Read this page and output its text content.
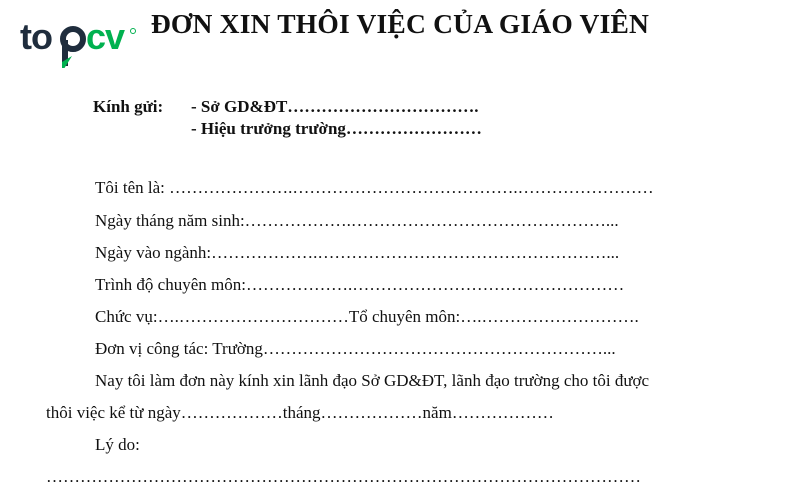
to cv ĐƠN XIN THÔI VIỆC CỦA GIÁO VIÊN
Kính gửi:	- Sở GD&ĐT…………………………….
- Hiệu trưởng trường……………………
Tôi tên là: ………………….………………………………….……………………
Ngày tháng năm sinh:……………….………………………………………...
Ngày vào ngành:……………….……………………………………………...
Trình độ chuyên môn:……………….…………………………………………
Chức vụ:….…………………………Tổ chuyên môn:….……………………….
Đơn vị công tác: Trường……………………………………………………...
Nay tôi làm đơn này kính xin lãnh đạo Sở GD&ĐT, lãnh đạo trường cho tôi được
thôi việc kể từ ngày………………tháng………………năm………………
Lý do:
……………………………………………………………………………………………
